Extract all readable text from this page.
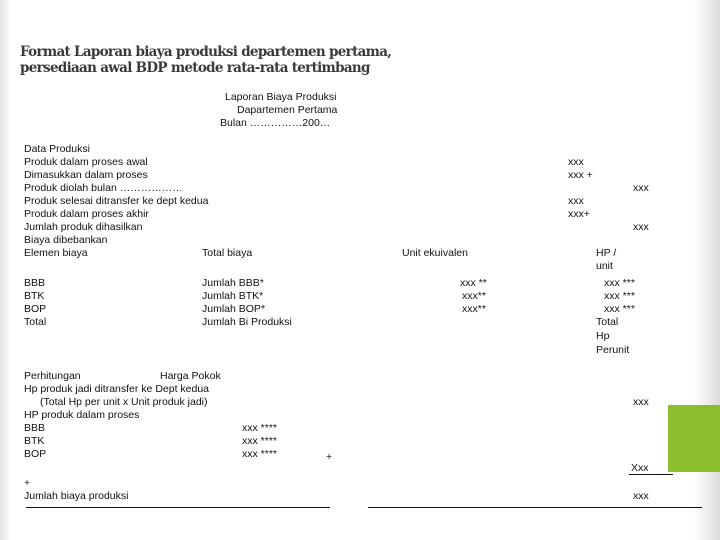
Format Laporan biaya produksi departemen pertama,
persediaan awal BDP metode rata-rata tertimbang
Laporan Biaya Produksi
Dapartemen Pertama
Bulan ……………200…
Data Produksi
Produk dalam proses awal	xxx
Dimasukkan dalam proses	xxx +
Produk diolah bulan ………………	xxx
Produk selesai ditransfer ke dept kedua	xxx
Produk dalam proses akhir	xxx+
Jumlah produk dihasilkan	xxx
Biaya dibebankan
Elemen biaya	Total biaya	Unit ekuivalen	HP /
unit
BBB	Jumlah BBB*	xxx **	xxx ***
BTK	Jumlah BTK*	xxx**	xxx ***
BOP	Jumlah BOP*	xxx**	xxx ***
Total	Jumlah Bi Produksi	Total
Hp
Perunit
Perhitungan	Harga Pokok
Hp produk jadi ditransfer ke Dept kedua
(Total Hp per unit x Unit produk jadi)	xxx
HP produk dalam proses
BBB	xxx ****
BTK	xxx ****
BOP	xxx ****	+
Xxx
+
Jumlah biaya produksi	xxx
